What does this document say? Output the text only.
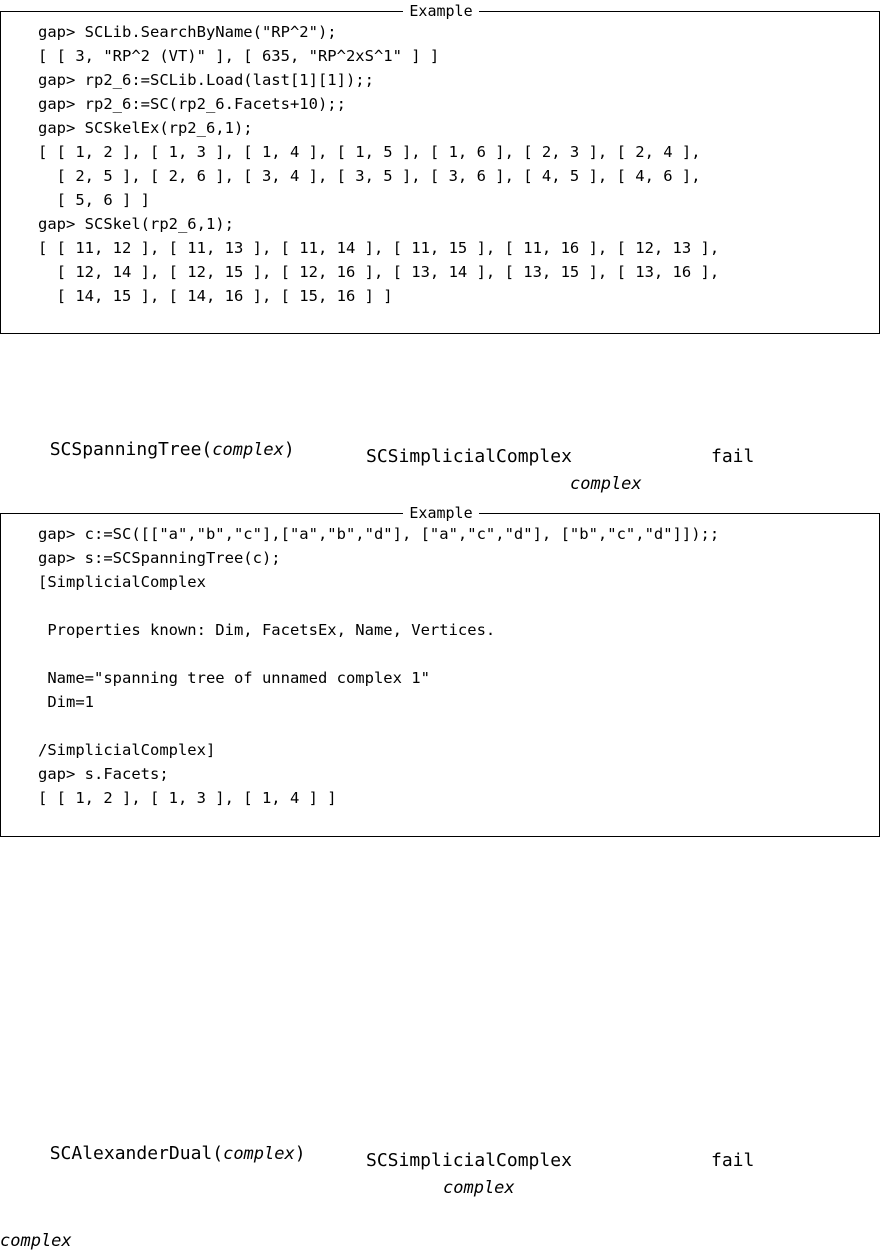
Example
gap> SCLib.SearchByName("RP^2");
[ [ 3, "RP^2 (VT)" ], [ 635, "RP^2xS^1" ] ]
gap> rp2_6:=SCLib.Load(last[1][1]);;
gap> rp2_6:=SC(rp2_6.Facets+10);;
gap> SCSkelEx(rp2_6,1);
[ [ 1, 2 ], [ 1, 3 ], [ 1, 4 ], [ 1, 5 ], [ 1, 6 ], [ 2, 3 ], [ 2, 4 ],
[ 2, 5 ], [ 2, 6 ], [ 3, 4 ], [ 3, 5 ], [ 3, 6 ], [ 4, 5 ], [ 4, 6 ],
[ 5, 6 ] ]
gap> SCSkel(rp2_6,1);
[ [ 11, 12 ], [ 11, 13 ], [ 11, 14 ], [ 11, 15 ], [ 11, 16 ], [ 12, 13 ],
[ 12, 14 ], [ 12, 15 ], [ 12, 16 ], [ 13, 14 ], [ 13, 15 ], [ 13, 16 ],
[ 14, 15 ], [ 14, 16 ], [ 15, 16 ] ]

SCSpanningTree(complex)	SCSimplicialComplex	fail
complex
Example
gap> c:=SC([["a","b","c"],["a","b","d"], ["a","c","d"], ["b","c","d"]]);;
gap> s:=SCSpanningTree(c);
[SimplicialComplex

Properties known: Dim, FacetsEx, Name, Vertices.

Name="spanning tree of unnamed complex 1"
Dim=1

/SimplicialComplex]
gap> s.Facets;
[ [ 1, 2 ], [ 1, 3 ], [ 1, 4 ] ]

SCAlexanderDual(complex)	SCSimplicialComplex	fail
complex
complex
